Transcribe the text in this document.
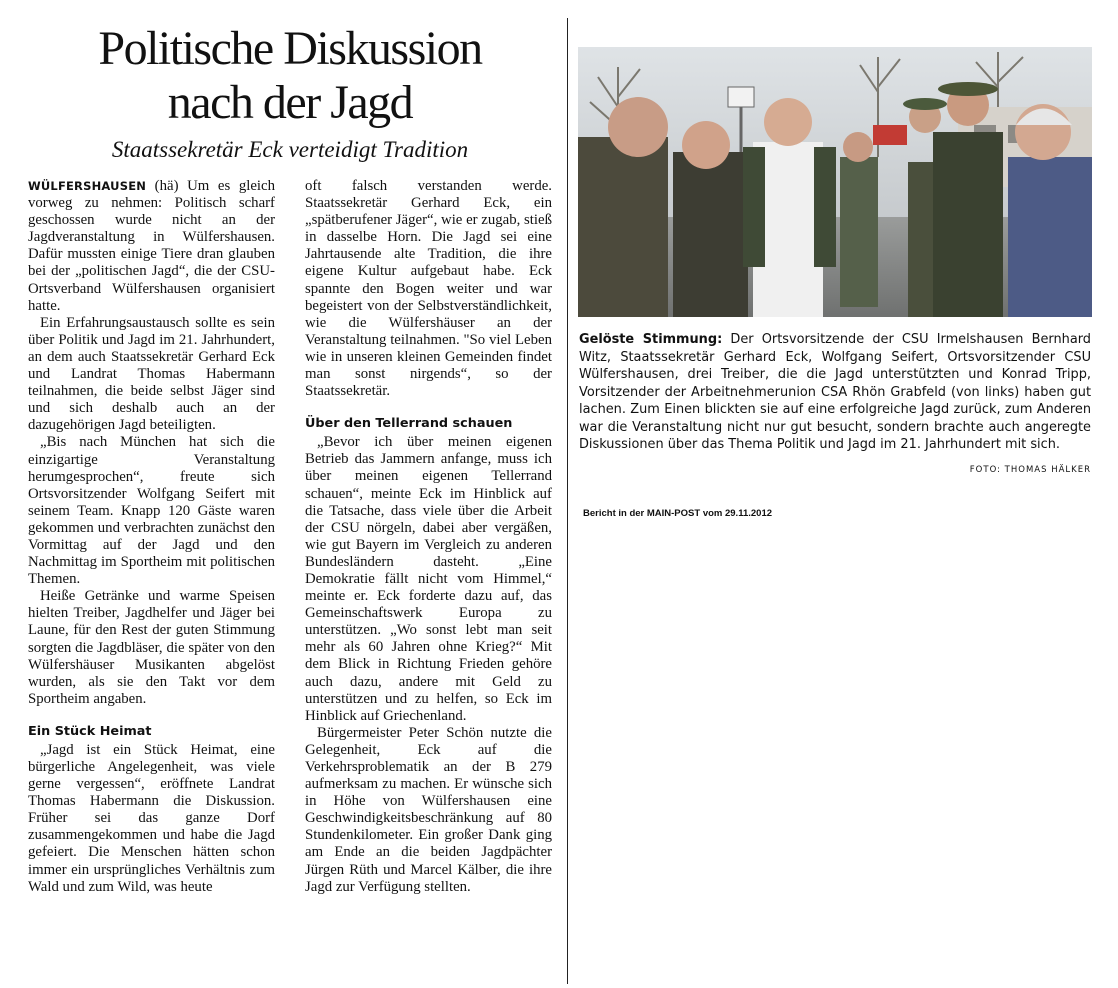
Politische Diskussion
nach der Jagd
Staatssekretär Eck verteidigt Tradition

WÜLFERSHAUSEN (hä) Um es gleich vorweg zu nehmen: Politisch scharf geschossen wurde nicht an der Jagdveranstaltung in Wülfershausen. Dafür mussten einige Tiere dran glauben bei der „politischen Jagd“, die der CSU-Ortsverband Wülfershausen organisiert hatte.

Ein Erfahrungsaustausch sollte es sein über Politik und Jagd im 21. Jahrhundert, an dem auch Staatssekretär Gerhard Eck und Landrat Thomas Habermann teilnahmen, die beide selbst Jäger sind und sich deshalb auch an der dazugehörigen Jagd beteiligten.

„Bis nach München hat sich die einzigartige Veranstaltung herumgesprochen“, freute sich Ortsvorsitzender Wolfgang Seifert mit seinem Team. Knapp 120 Gäste waren gekommen und verbrachten zunächst den Vormittag auf der Jagd und den Nachmittag im Sportheim mit politischen Themen.

Heiße Getränke und warme Speisen hielten Treiber, Jagdhelfer und Jäger bei Laune, für den Rest der guten Stimmung sorgten die Jagdbläser, die später von den Wülfershäuser Musikanten abgelöst wurden, als sie den Takt vor dem Sportheim angaben.

Ein Stück Heimat

„Jagd ist ein Stück Heimat, eine bürgerliche Angelegenheit, was viele gerne vergessen“, eröffnete Landrat Thomas Habermann die Diskussion. Früher sei das ganze Dorf zusammengekommen und habe die Jagd gefeiert. Die Menschen hätten schon immer ein ursprüngliches Verhältnis zum Wald und zum Wild, was heute

oft falsch verstanden werde. Staatssekretär Gerhard Eck, ein „spätberufener Jäger“, wie er zugab, stieß in dasselbe Horn. Die Jagd sei eine Jahrtausende alte Tradition, die ihre eigene Kultur aufgebaut habe. Eck spannte den Bogen weiter und war begeistert von der Selbstverständlichkeit, wie die Wülfershäuser an der Veranstaltung teilnahmen. "So viel Leben wie in unseren kleinen Gemeinden findet man sonst nirgends“, so der Staatssekretär.

Über den Tellerrand schauen

„Bevor ich über meinen eigenen Betrieb das Jammern anfange, muss ich über meinen eigenen Tellerrand schauen“, meinte Eck im Hinblick auf die Tatsache, dass viele über die Arbeit der CSU nörgeln, dabei aber vergäßen, wie gut Bayern im Vergleich zu anderen Bundesländern dasteht. „Eine Demokratie fällt nicht vom Himmel,“ meinte er. Eck forderte dazu auf, das Gemeinschaftswerk Europa zu unterstützen. „Wo sonst lebt man seit mehr als 60 Jahren ohne Krieg?“ Mit dem Blick in Richtung Frieden gehöre auch dazu, andere mit Geld zu unterstützen und zu helfen, so Eck im Hinblick auf Griechenland.

Bürgermeister Peter Schön nutzte die Gelegenheit, Eck auf die Verkehrsproblematik an der B 279 aufmerksam zu machen. Er wünsche sich in Höhe von Wülfershausen eine Geschwindigkeitsbeschränkung auf 80 Stundenkilometer. Ein großer Dank ging am Ende an die beiden Jagdpächter Jürgen Rüth und Marcel Kälber, die ihre Jagd zur Verfügung stellten.

Gelöste Stimmung: Der Ortsvorsitzende der CSU Irmelshausen Bernhard Witz, Staatssekretär Gerhard Eck, Wolfgang Seifert, Ortsvorsitzender CSU Wülfershausen, drei Treiber, die die Jagd unterstützten und Konrad Tripp, Vorsitzender der Arbeitnehmerunion CSA Rhön Grabfeld (von links) haben gut lachen. Zum Einen blickten sie auf eine erfolgreiche Jagd zurück, zum Anderen war die Veranstaltung nicht nur gut besucht, sondern brachte auch angeregte Diskussionen über das Thema Politik und Jagd im 21. Jahrhundert mit sich.

FOTO: THOMAS HÄLKER
Bericht in der MAIN-POST vom 29.11.2012
